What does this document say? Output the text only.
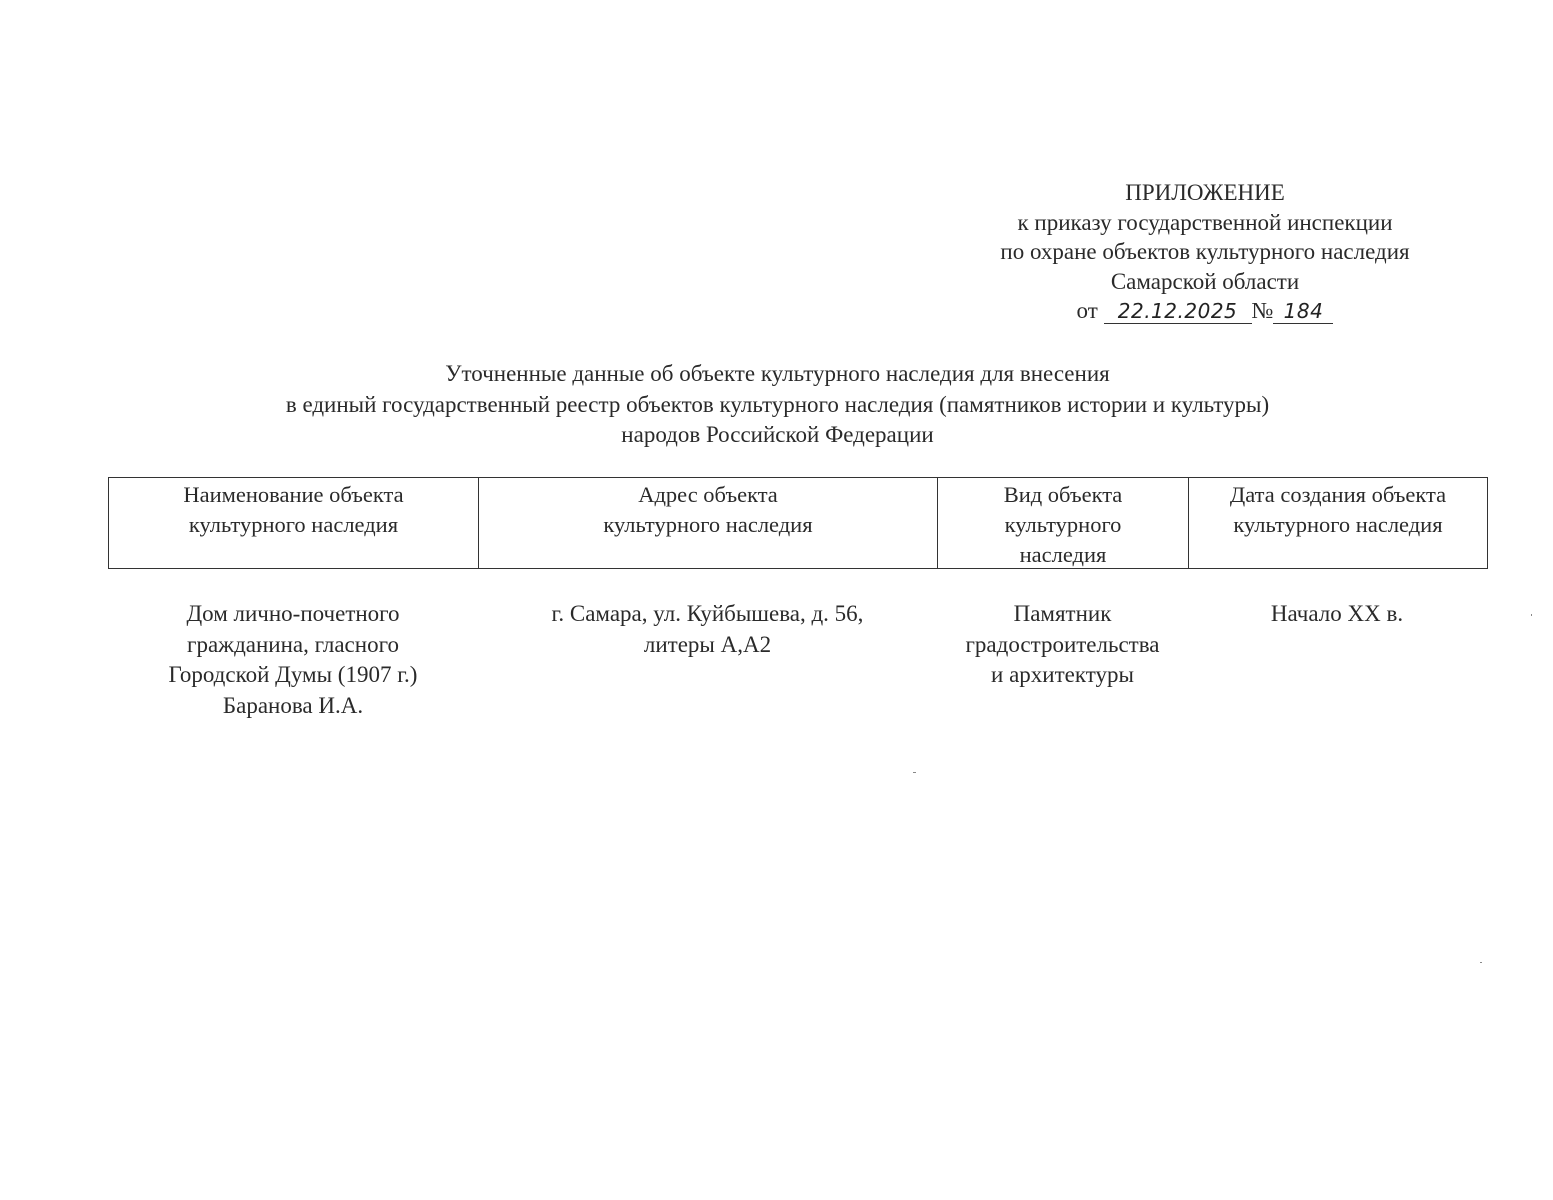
ПРИЛОЖЕНИЕ
к приказу государственной инспекции
по охране объектов культурного наследия
Самарской области
от 22.12.2025 № 184
Уточненные данные об объекте культурного наследия для внесения
в единый государственный реестр объектов культурного наследия (памятников истории и культуры)
народов Российской Федерации
Наименование объекта
культурного наследия
Адрес объекта
культурного наследия
Вид объекта
культурного
наследия
Дата создания объекта
культурного наследия
Дом лично-почетного
гражданина, гласного
Городской Думы (1907 г.)
Баранова И.А.
г. Самара, ул. Куйбышева, д. 56,
литеры А,А2
Памятник
градостроительства
и архитектуры
Начало XX в.
